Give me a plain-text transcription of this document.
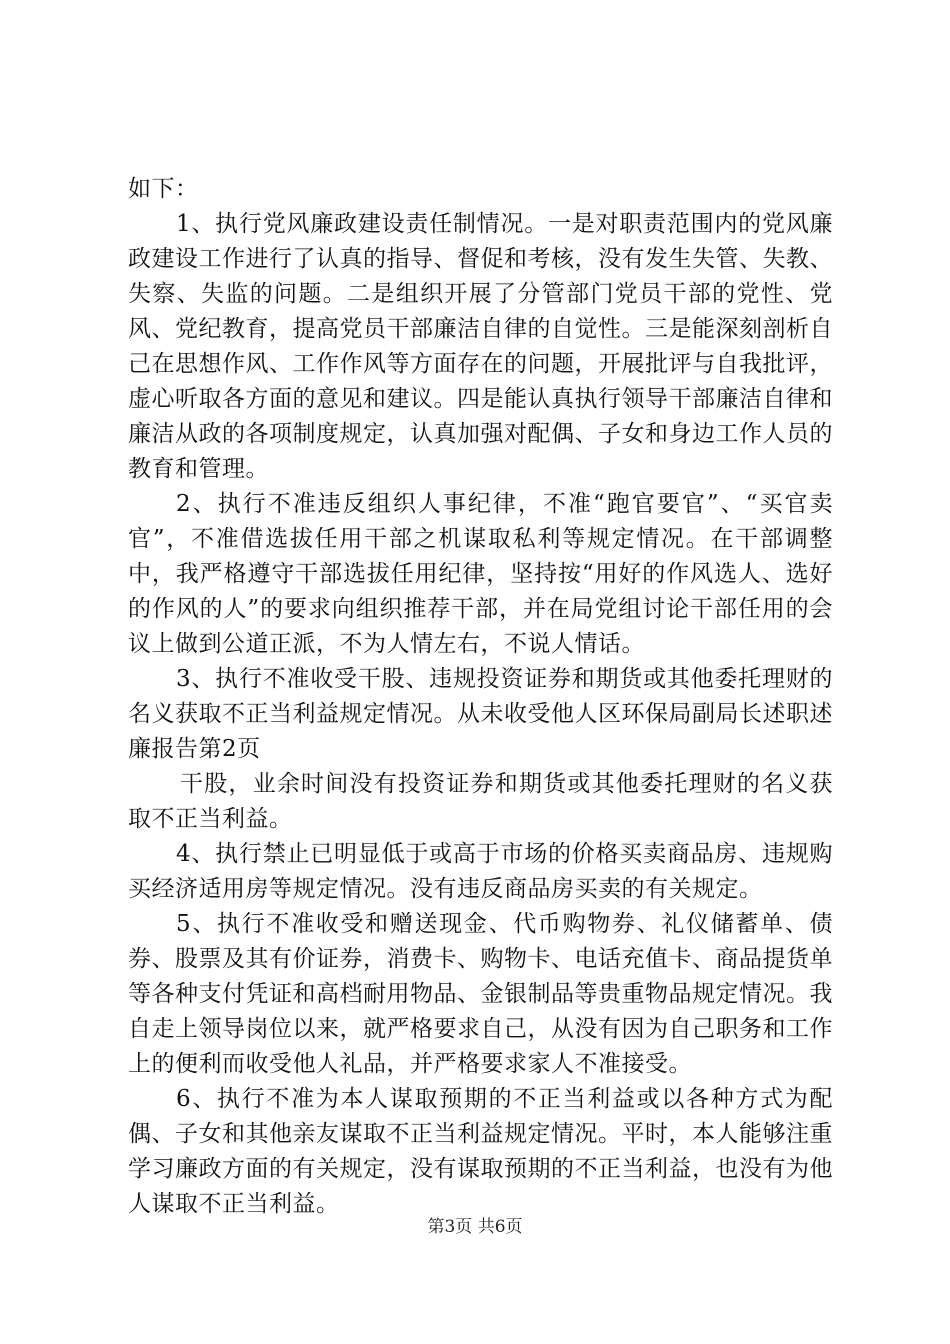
如下：

1、执行党风廉政建设责任制情况。一是对职责范围内的党风廉政建设工作进行了认真的指导、督促和考核，没有发生失管、失教、失察、失监的问题。二是组织开展了分管部门党员干部的党性、党风、党纪教育，提高党员干部廉洁自律的自觉性。三是能深刻剖析自己在思想作风、工作作风等方面存在的问题，开展批评与自我批评，虚心听取各方面的意见和建议。四是能认真执行领导干部廉洁自律和廉洁从政的各项制度规定，认真加强对配偶、子女和身边工作人员的教育和管理。

2、执行不准违反组织人事纪律，不准“跑官要官”、“买官卖官”，不准借选拔任用干部之机谋取私利等规定情况。在干部调整中，我严格遵守干部选拔任用纪律，坚持按“用好的作风选人、选好的作风的人”的要求向组织推荐干部，并在局党组讨论干部任用的会议上做到公道正派，不为人情左右，不说人情话。

3、执行不准收受干股、违规投资证券和期货或其他委托理财的名义获取不正当利益规定情况。从未收受他人区环保局副局长述职述廉报告第2页

干股，业余时间没有投资证券和期货或其他委托理财的名义获取不正当利益。

4、执行禁止已明显低于或高于市场的价格买卖商品房、违规购买经济适用房等规定情况。没有违反商品房买卖的有关规定。

5、执行不准收受和赠送现金、代币购物券、礼仪储蓄单、债券、股票及其有价证券，消费卡、购物卡、电话充值卡、商品提货单等各种支付凭证和高档耐用物品、金银制品等贵重物品规定情况。我自走上领导岗位以来，就严格要求自己，从没有因为自己职务和工作上的便利而收受他人礼品，并严格要求家人不准接受。

6、执行不准为本人谋取预期的不正当利益或以各种方式为配偶、子女和其他亲友谋取不正当利益规定情况。平时，本人能够注重学习廉政方面的有关规定，没有谋取预期的不正当利益，也没有为他人谋取不正当利益。

第3页 共6页
